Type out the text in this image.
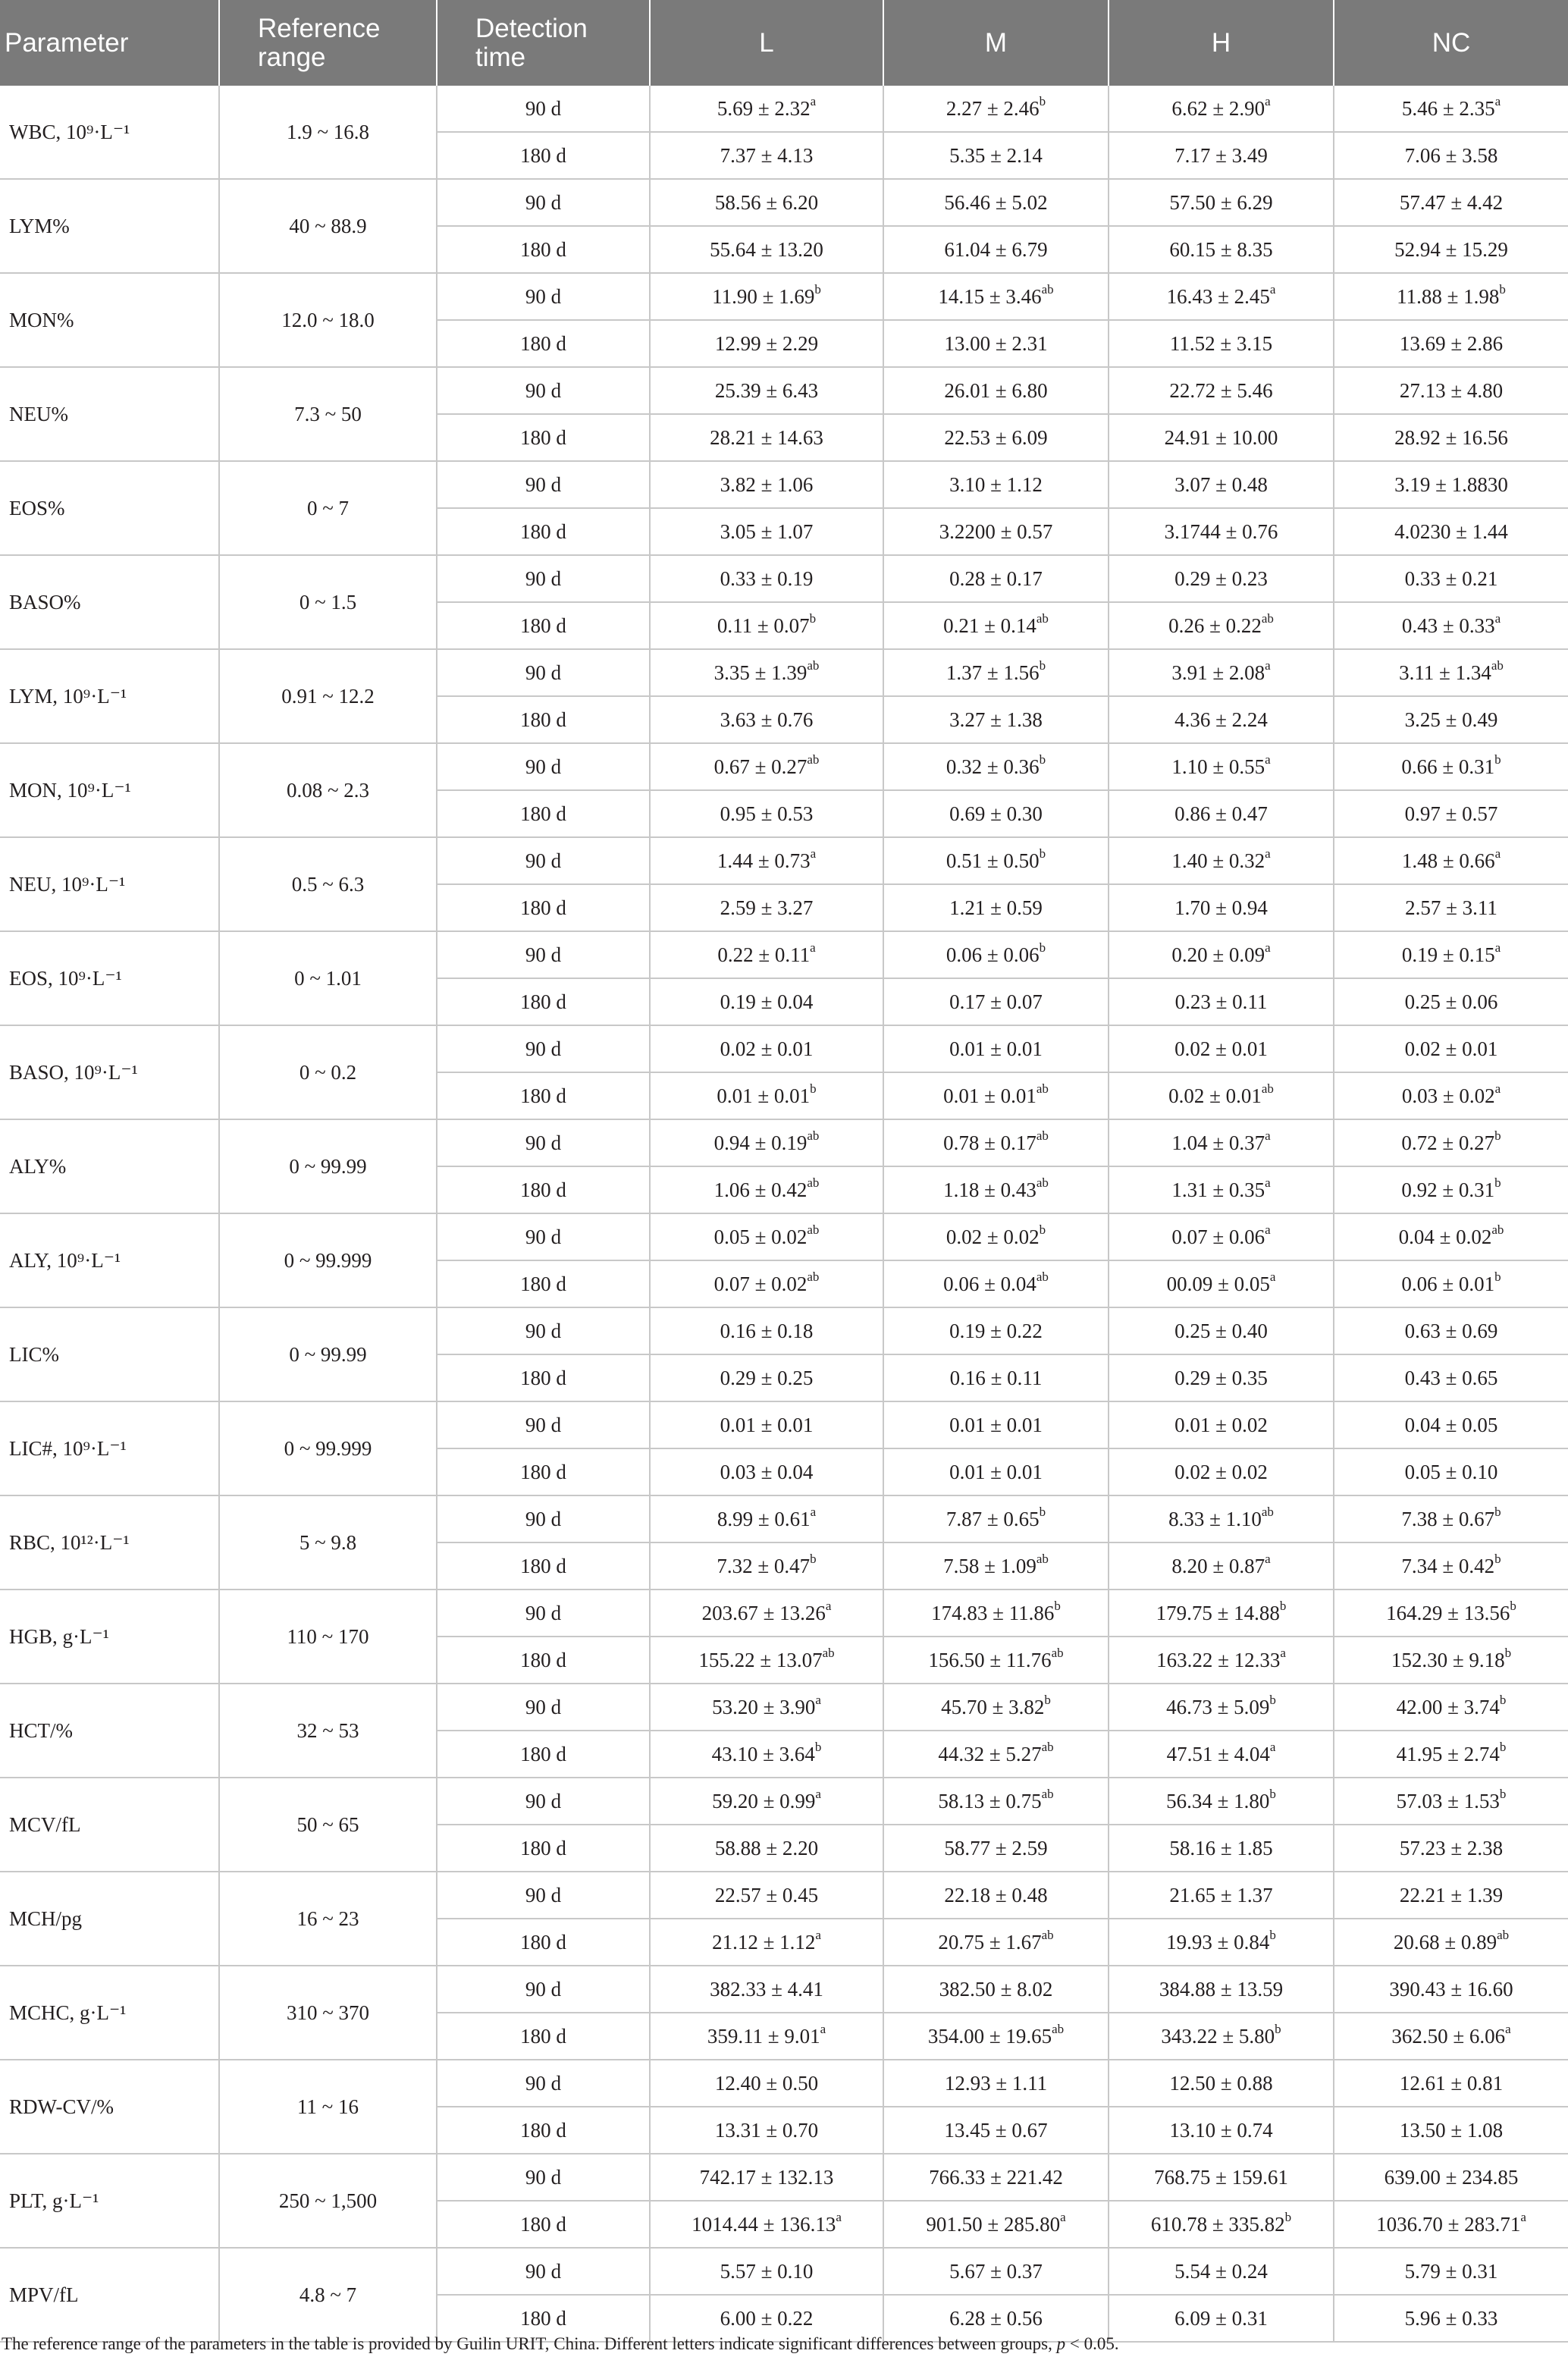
Parameter	Reference range	Detection time	L	M	H	NC
WBC, 10⁹·L⁻¹	1.9 ~ 16.8	90 d	5.69 ± 2.32$^a$	2.27 ± 2.46$^b$	6.62 ± 2.90$^a$	5.46 ± 2.35$^a$
		180 d	7.37 ± 4.13	5.35 ± 2.14	7.17 ± 3.49	7.06 ± 3.58
LYM%	40 ~ 88.9	90 d	58.56 ± 6.20	56.46 ± 5.02	57.50 ± 6.29	57.47 ± 4.42
		180 d	55.64 ± 13.20	61.04 ± 6.79	60.15 ± 8.35	52.94 ± 15.29
MON%	12.0 ~ 18.0	90 d	11.90 ± 1.69$^b$	14.15 ± 3.46$^{ab}$	16.43 ± 2.45$^a$	11.88 ± 1.98$^b$
		180 d	12.99 ± 2.29	13.00 ± 2.31	11.52 ± 3.15	13.69 ± 2.86
NEU%	7.3 ~ 50	90 d	25.39 ± 6.43	26.01 ± 6.80	22.72 ± 5.46	27.13 ± 4.80
		180 d	28.21 ± 14.63	22.53 ± 6.09	24.91 ± 10.00	28.92 ± 16.56
EOS%	0 ~ 7	90 d	3.82 ± 1.06	3.10 ± 1.12	3.07 ± 0.48	3.19 ± 1.8830
		180 d	3.05 ± 1.07	3.2200 ± 0.57	3.1744 ± 0.76	4.0230 ± 1.44
BASO%	0 ~ 1.5	90 d	0.33 ± 0.19	0.28 ± 0.17	0.29 ± 0.23	0.33 ± 0.21
		180 d	0.11 ± 0.07$^b$	0.21 ± 0.14$^{ab}$	0.26 ± 0.22$^{ab}$	0.43 ± 0.33$^a$
LYM, 10⁹·L⁻¹	0.91 ~ 12.2	90 d	3.35 ± 1.39$^{ab}$	1.37 ± 1.56$^b$	3.91 ± 2.08$^a$	3.11 ± 1.34$^{ab}$
		180 d	3.63 ± 0.76	3.27 ± 1.38	4.36 ± 2.24	3.25 ± 0.49
MON, 10⁹·L⁻¹	0.08 ~ 2.3	90 d	0.67 ± 0.27$^{ab}$	0.32 ± 0.36$^b$	1.10 ± 0.55$^a$	0.66 ± 0.31$^b$
		180 d	0.95 ± 0.53	0.69 ± 0.30	0.86 ± 0.47	0.97 ± 0.57
NEU, 10⁹·L⁻¹	0.5 ~ 6.3	90 d	1.44 ± 0.73$^a$	0.51 ± 0.50$^b$	1.40 ± 0.32$^a$	1.48 ± 0.66$^a$
		180 d	2.59 ± 3.27	1.21 ± 0.59	1.70 ± 0.94	2.57 ± 3.11
EOS, 10⁹·L⁻¹	0 ~ 1.01	90 d	0.22 ± 0.11$^a$	0.06 ± 0.06$^b$	0.20 ± 0.09$^a$	0.19 ± 0.15$^a$
		180 d	0.19 ± 0.04	0.17 ± 0.07	0.23 ± 0.11	0.25 ± 0.06
BASO, 10⁹·L⁻¹	0 ~ 0.2	90 d	0.02 ± 0.01	0.01 ± 0.01	0.02 ± 0.01	0.02 ± 0.01
		180 d	0.01 ± 0.01$^b$	0.01 ± 0.01$^{ab}$	0.02 ± 0.01$^{ab}$	0.03 ± 0.02$^a$
ALY%	0 ~ 99.99	90 d	0.94 ± 0.19$^{ab}$	0.78 ± 0.17$^{ab}$	1.04 ± 0.37$^a$	0.72 ± 0.27$^b$
		180 d	1.06 ± 0.42$^{ab}$	1.18 ± 0.43$^{ab}$	1.31 ± 0.35$^a$	0.92 ± 0.31$^b$
ALY, 10⁹·L⁻¹	0 ~ 99.999	90 d	0.05 ± 0.02$^{ab}$	0.02 ± 0.02$^b$	0.07 ± 0.06$^a$	0.04 ± 0.02$^{ab}$
		180 d	0.07 ± 0.02$^{ab}$	0.06 ± 0.04$^{ab}$	00.09 ± 0.05$^a$	0.06 ± 0.01$^b$
LIC%	0 ~ 99.99	90 d	0.16 ± 0.18	0.19 ± 0.22	0.25 ± 0.40	0.63 ± 0.69
		180 d	0.29 ± 0.25	0.16 ± 0.11	0.29 ± 0.35	0.43 ± 0.65
LIC#, 10⁹·L⁻¹	0 ~ 99.999	90 d	0.01 ± 0.01	0.01 ± 0.01	0.01 ± 0.02	0.04 ± 0.05
		180 d	0.03 ± 0.04	0.01 ± 0.01	0.02 ± 0.02	0.05 ± 0.10
RBC, 10¹²·L⁻¹	5 ~ 9.8	90 d	8.99 ± 0.61$^a$	7.87 ± 0.65$^b$	8.33 ± 1.10$^{ab}$	7.38 ± 0.67$^b$
		180 d	7.32 ± 0.47$^b$	7.58 ± 1.09$^{ab}$	8.20 ± 0.87$^a$	7.34 ± 0.42$^b$
HGB, g·L⁻¹	110 ~ 170	90 d	203.67 ± 13.26$^a$	174.83 ± 11.86$^b$	179.75 ± 14.88$^b$	164.29 ± 13.56$^b$
		180 d	155.22 ± 13.07$^{ab}$	156.50 ± 11.76$^{ab}$	163.22 ± 12.33$^a$	152.30 ± 9.18$^b$
HCT/%	32 ~ 53	90 d	53.20 ± 3.90$^a$	45.70 ± 3.82$^b$	46.73 ± 5.09$^b$	42.00 ± 3.74$^b$
		180 d	43.10 ± 3.64$^b$	44.32 ± 5.27$^{ab}$	47.51 ± 4.04$^a$	41.95 ± 2.74$^b$
MCV/fL	50 ~ 65	90 d	59.20 ± 0.99$^a$	58.13 ± 0.75$^{ab}$	56.34 ± 1.80$^b$	57.03 ± 1.53$^b$
		180 d	58.88 ± 2.20	58.77 ± 2.59	58.16 ± 1.85	57.23 ± 2.38
MCH/pg	16 ~ 23	90 d	22.57 ± 0.45	22.18 ± 0.48	21.65 ± 1.37	22.21 ± 1.39
		180 d	21.12 ± 1.12$^a$	20.75 ± 1.67$^{ab}$	19.93 ± 0.84$^b$	20.68 ± 0.89$^{ab}$
MCHC, g·L⁻¹	310 ~ 370	90 d	382.33 ± 4.41	382.50 ± 8.02	384.88 ± 13.59	390.43 ± 16.60
		180 d	359.11 ± 9.01$^a$	354.00 ± 19.65$^{ab}$	343.22 ± 5.80$^b$	362.50 ± 6.06$^a$
RDW-CV/%	11 ~ 16	90 d	12.40 ± 0.50	12.93 ± 1.11	12.50 ± 0.88	12.61 ± 0.81
		180 d	13.31 ± 0.70	13.45 ± 0.67	13.10 ± 0.74	13.50 ± 1.08
PLT, g·L⁻¹	250 ~ 1,500	90 d	742.17 ± 132.13	766.33 ± 221.42	768.75 ± 159.61	639.00 ± 234.85
		180 d	1014.44 ± 136.13$^a$	901.50 ± 285.80$^a$	610.78 ± 335.82$^b$	1036.70 ± 283.71$^a$
MPV/fL	4.8 ~ 7	90 d	5.57 ± 0.10	5.67 ± 0.37	5.54 ± 0.24	5.79 ± 0.31
		180 d	6.00 ± 0.22	6.28 ± 0.56	6.09 ± 0.31	5.96 ± 0.33
The reference range of the parameters in the table is provided by Guilin URIT, China. Different letters indicate significant differences between groups, p < 0.05.
